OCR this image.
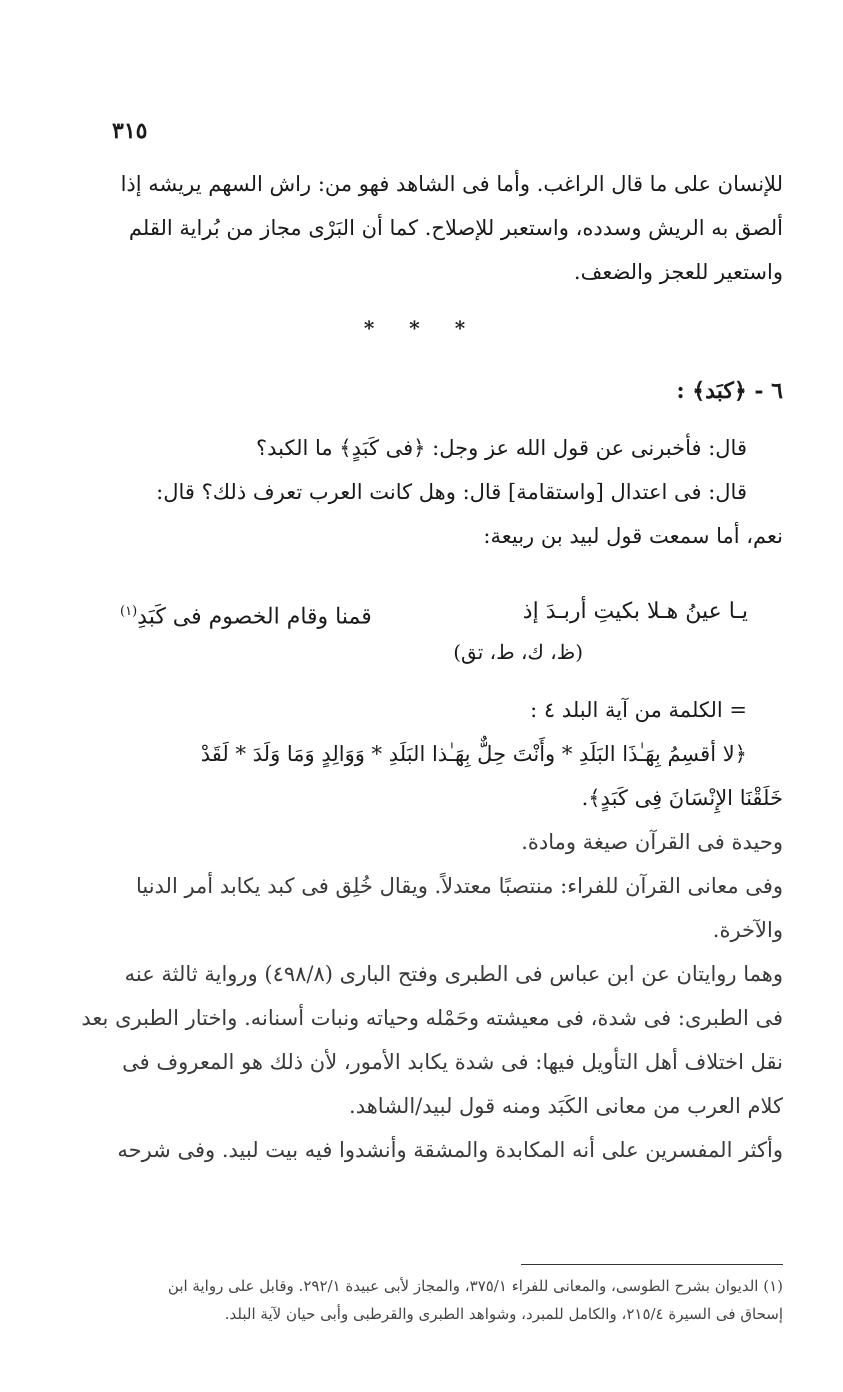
٣١٥

للإنسان على ما قال الراغب. وأما فى الشاهد فهو من: راش السهم يريشه إذا

ألصق به الريش وسدده، واستعبر للإصلاح. كما أن البَرْى مجاز من بُراية القلم

واستعير للعجز والضعف.

* * *
٦ - ﴿كبَد﴾ :

قال: فأخبرنى عن قول الله عز وجل: ﴿فى كَبَدٍ﴾ ما الكبد؟

قال: فى اعتدال [واستقامة] قال: وهل كانت العرب تعرف ذلك؟ قال:

نعم، أما سمعت قول لبيد بن ربيعة:

يـا عينُ هـلا بكيتِ أربـدَ إذ
قمنا وقام الخصوم فى كَبَدِ$^{(١)}$
(ظ، ك، ط، تق)

= الكلمة من آية البلد ٤ :

﴿لا أقسِمُ بِهَـٰذَا البَلَدِ * وأَنْتَ حِلٌّ بِهَـٰذا البَلَدِ * وَوَالِدٍ وَمَا وَلَدَ * لَقَدْ

خَلَقْنَا الإِنْسَانَ فِى كَبَدٍ﴾.

وحيدة فى القرآن صيغة ومادة.

وفى معانى القرآن للفراء: منتصبًا معتدلاً. ويقال خُلِق فى كبد يكابد أمر الدنيا

والآخرة.

وهما روايتان عن ابن عباس فى الطبرى وفتح البارى (٤٩٨/٨) ورواية ثالثة عنه

فى الطبرى: فى شدة، فى معيشته وحَمْله وحياته ونبات أسنانه. واختار الطبرى بعد

نقل اختلاف أهل التأويل فيها: فى شدة يكابد الأمور، لأن ذلك هو المعروف فى

كلام العرب من معانى الكَبَد ومنه قول لبيد/الشاهد.

وأكثر المفسرين على أنه المكابدة والمشقة وأنشدوا فيه بيت لبيد. وفى شرحه

(١) الديوان بشرح الطوسى، والمعانى للفراء ٣٧٥/١، والمجاز لأبى عبيدة ٢٩٢/١. وقابل على رواية ابن
إسحاق فى السيرة ٢١٥/٤، والكامل للمبرد، وشواهد الطبرى والقرطبى وأبى حيان لآية البلد.
